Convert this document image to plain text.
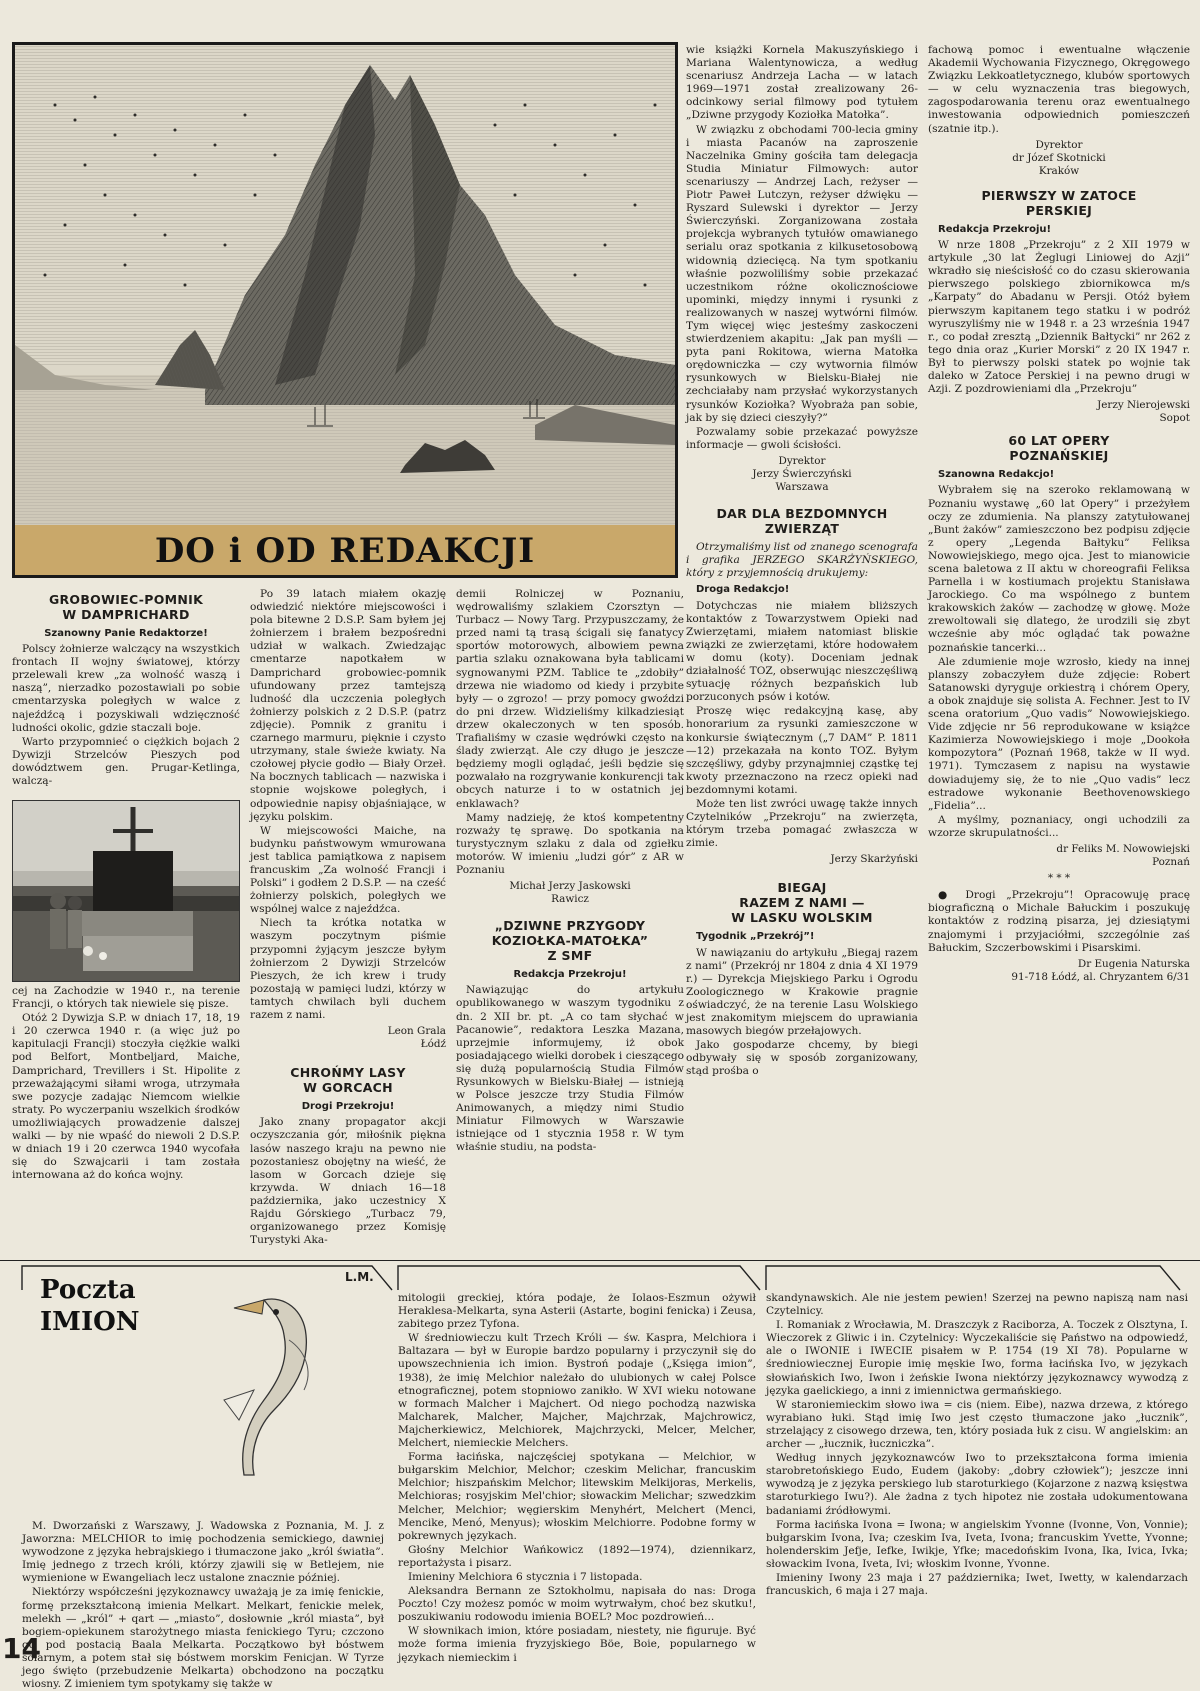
DO i OD REDAKCJI
GROBOWIEC-POMNIK
W DAMPRICHARD
Szanowny Panie Redaktorze!

Polscy żołnierze walczący na wszystkich frontach II wojny światowej, którzy przelewali krew „za wolność waszą i naszą”, nierzadko pozostawiali po sobie cmentarzyska poległych w walce z najeźdźcą i pozyskiwali wdzięczność ludności okolic, gdzie staczali boje.

Warto przypomnieć o ciężkich bojach 2 Dywizji Strzelców Pieszych pod dowództwem gen. Prugar-Ketlinga, walczą-

cej na Zachodzie w 1940 r., na terenie Francji, o których tak niewiele się pisze.

Otóż 2 Dywizja S.P. w dniach 17, 18, 19 i 20 czerwca 1940 r. (a więc już po kapitulacji Francji) stoczyła ciężkie walki pod Belfort, Montbeljard, Maiche, Damprichard, Trevillers i St. Hipolite z przeważającymi siłami wroga, utrzymała swe pozycje zadając Niemcom wielkie straty. Po wyczerpaniu wszelkich środków umożliwiających prowadzenie dalszej walki — by nie wpaść do niewoli 2 D.S.P. w dniach 19 i 20 czerwca 1940 wycofała się do Szwajcarii i tam została internowana aż do końca wojny.

Po 39 latach miałem okazję odwiedzić niektóre miejscowości i pola bitewne 2 D.S.P. Sam byłem jej żołnierzem i brałem bezpośredni udział w walkach. Zwiedzając cmentarze napotkałem w Damprichard grobowiec-pomnik ufundowany przez tamtejszą ludność dla uczczenia poległych żołnierzy polskich z 2 D.S.P. (patrz zdjęcie). Pomnik z granitu i czarnego marmuru, pięknie i czysto utrzymany, stale świeże kwiaty. Na czołowej płycie godło — Biały Orzeł. Na bocznych tablicach — nazwiska i stopnie wojskowe poległych, i odpowiednie napisy objaśniające, w języku polskim.

W miejscowości Maiche, na budynku państwowym wmurowana jest tablica pamiątkowa z napisem francuskim „Za wolność Francji i Polski” i godłem 2 D.S.P. — na cześć żołnierzy polskich, poległych we wspólnej walce z najeźdźca.

Niech ta krótka notatka w waszym poczytnym piśmie przypomni żyjącym jeszcze byłym żołnierzom 2 Dywizji Strzelców Pieszych, że ich krew i trudy pozostają w pamięci ludzi, którzy w tamtych chwilach byli duchem razem z nami.

Leon Grala
Łódź
CHROŃMY LASY
W GORCACH
Drogi Przekroju!

Jako znany propagator akcji oczyszczania gór, miłośnik piękna lasów naszego kraju na pewno nie pozostaniesz obojętny na wieść, że lasom w Gorcach dzieje się krzywda. W dniach 16—18 października, jako uczestnicy X Rajdu Górskiego „Turbacz 79, organizowanego przez Komisję Turystyki Aka-

demii Rolniczej w Poznaniu, wędrowaliśmy szlakiem Czorsztyn — Turbacz — Nowy Targ. Przypuszczamy, że przed nami tą trasą ścigali się fanatycy sportów motorowych, albowiem pewna partia szlaku oznakowana była tablicami sygnowanymi PZM. Tablice te „zdobiły” drzewa nie wiadomo od kiedy i przybite były — o zgrozo! — przy pomocy gwoździ do pni drzew. Widzieliśmy kilkadziesiąt drzew okaleczonych w ten sposób. Trafialiśmy w czasie wędrówki często na ślady zwierząt. Ale czy długo je jeszcze będziemy mogli oglądać, jeśli będzie się pozwalało na rozgrywanie konkurencji tak obcych naturze i to w ostatnich jej enklawach?

Mamy nadzieję, że ktoś kompetentny rozważy tę sprawę. Do spotkania na turystycznym szlaku z dala od zgiełku motorów. W imieniu „ludzi gór” z AR w Poznaniu

Michał Jerzy Jaskowski
Rawicz
„DZIWNE PRZYGODY
KOZIOŁKA-MATOŁKA”
Z SMF
Redakcja Przekroju!

Nawiązując do artykułu opublikowanego w waszym tygodniku z dn. 2 XII br. pt. „A co tam słychać w Pacanowie”, redaktora Leszka Mazana, uprzejmie informujemy, iż obok posiadającego wielki dorobek i cieszącego się dużą popularnością Studia Filmów Rysunkowych w Bielsku-Białej — istnieją w Polsce jeszcze trzy Studia Filmów Animowanych, a między nimi Studio Miniatur Filmowych w Warszawie istniejące od 1 stycznia 1958 r. W tym właśnie studiu, na podsta-

wie książki Kornela Makuszyńskiego i Mariana Walentynowicza, a według scenariusz Andrzeja Lacha — w latach 1969—1971 został zrealizowany 26-odcinkowy serial filmowy pod tytułem „Dziwne przygody Koziołka Matołka”.

W związku z obchodami 700-lecia gminy i miasta Pacanów na zaproszenie Naczelnika Gminy gościła tam delegacja Studia Miniatur Filmowych: autor scenariuszy — Andrzej Lach, reżyser — Piotr Paweł Lutczyn, reżyser dźwięku — Ryszard Sulewski i dyrektor — Jerzy Świerczyński. Zorganizowana została projekcja wybranych tytułów omawianego serialu oraz spotkania z kilkusetosobową widownią dziecięcą. Na tym spotkaniu właśnie pozwoliliśmy sobie przekazać uczestnikom różne okolicznościowe upominki, między innymi i rysunki z realizowanych w naszej wytwórni filmów. Tym więcej więc jesteśmy zaskoczeni stwierdzeniem akapitu: „Jak pan myśli — pyta pani Rokitowa, wierna Matołka orędowniczka — czy wytwornia filmów rysunkowych w Bielsku-Białej nie zechciałaby nam przysłać wykorzystanych rysunków Koziołka? Wyobraża pan sobie, jak by się dzieci cieszyły?”

Pozwalamy sobie przekazać powyższe informacje — gwoli ścisłości.

Dyrektor
Jerzy Świerczyński
Warszawa
DAR DLA BEZDOMNYCH
ZWIERZĄT

Otrzymaliśmy list od znanego scenografa i grafika JERZEGO SKARŻYŃSKIEGO, który z przyjemnością drukujemy:

Droga Redakcjo!

Dotychczas nie miałem bliższych kontaktów z Towarzystwem Opieki nad Zwierzętami, miałem natomiast bliskie związki ze zwierzętami, które hodowałem w domu (koty). Doceniam jednak działalność TOZ, obserwując nieszczęśliwą sytuację różnych bezpańskich lub porzuconych psów i kotów.

Proszę więc redakcyjną kasę, aby honorarium za rysunki zamieszczone w konkursie świątecznym („7 DAM” P. 1811—12) przekazała na konto TOZ. Byłym szczęśliwy, gdyby przynajmniej cząstkę tej kwoty przeznaczono na rzecz opieki nad bezdomnymi kotami.

Może ten list zwróci uwagę także innych Czytelników „Przekroju” na zwierzęta, którym trzeba pomagać zwłaszcza w zimie.

Jerzy Skarżyński
BIEGAJ
RAZEM Z NAMI —
W LASKU WOLSKIM
Tygodnik „Przekrój”!

W nawiązaniu do artykułu „Biegaj razem z nami” (Przekrój nr 1804 z dnia 4 XI 1979 r.) — Dyrekcja Miejskiego Parku i Ogrodu Zoologicznego w Krakowie pragnie oświadczyć, że na terenie Lasu Wolskiego jest znakomitym miejscem do uprawiania masowych biegów przełajowych.

Jako gospodarze chcemy, by biegi odbywały się w sposób zorganizowany, stąd prośba o

fachową pomoc i ewentualne włączenie Akademii Wychowania Fizycznego, Okręgowego Związku Lekkoatletycznego, klubów sportowych — w celu wyznaczenia tras biegowych, zagospodarowania terenu oraz ewentualnego inwestowania odpowiednich pomieszczeń (szatnie itp.).

Dyrektor
dr Józef Skotnicki
Kraków
PIERWSZY W ZATOCE
PERSKIEJ
Redakcja Przekroju!

W nrze 1808 „Przekroju” z 2 XII 1979 w artykule „30 lat Żeglugi Liniowej do Azji” wkradło się nieścisłość co do czasu skierowania pierwszego polskiego zbiornikowca m/s „Karpaty” do Abadanu w Persji. Otóż byłem pierwszym kapitanem tego statku i w podróż wyruszyliśmy nie w 1948 r. a 23 września 1947 r., co podał zresztą „Dziennik Bałtycki” nr 262 z tego dnia oraz „Kurier Morski” z 20 IX 1947 r. Był to pierwszy polski statek po wojnie tak daleko w Zatoce Perskiej i na pewno drugi w Azji. Z pozdrowieniami dla „Przekroju”

Jerzy Nierojewski
Sopot
60 LAT OPERY
POZNAŃSKIEJ
Szanowna Redakcjo!

Wybrałem się na szeroko reklamowaną w Poznaniu wystawę „60 lat Opery” i przeżyłem oczy ze zdumienia. Na planszy zatytułowanej „Bunt żaków” zamieszczono bez podpisu zdjęcie z opery „Legenda Bałtyku” Feliksa Nowowiejskiego, mego ojca. Jest to mianowicie scena baletowa z II aktu w choreografii Feliksa Parnella i w kostiumach projektu Stanisława Jarockiego. Co ma wspólnego z buntem krakowskich żaków — zachodzę w głowę. Może zrewoltowali się dlatego, że urodzili się zbyt wcześnie aby móc oglądać tak poważne poznańskie tancerki...

Ale zdumienie moje wzrosło, kiedy na innej planszy zobaczyłem duże zdjęcie: Robert Satanowski dyryguje orkiestrą i chórem Opery, a obok znajduje się solista A. Fechner. Jest to IV scena oratorium „Quo vadis” Nowowiejskiego. Vide zdjęcie nr 56 reprodukowane w książce Kazimierza Nowowiejskiego i moje „Dookoła kompozytora” (Poznań 1968, także w II wyd. 1971). Tymczasem z napisu na wystawie dowiadujemy się, że to nie „Quo vadis” lecz estradowe wykonanie Beethovenowskiego „Fidelia”...

A myślmy, poznaniacy, ongi uchodzili za wzorze skrupulatności...

dr Feliks M. Nowowiejski
Poznań
* * *

● Drogi „Przekroju”! Opracowuję pracę biograficzną o Michale Bałuckim i poszukuję kontaktów z rodziną pisarza, jej dziesiątymi znajomymi i przyjaciółmi, szczególnie zaś Bałuckim, Szczerbowskimi i Pisarskimi.

Dr Eugenia Naturska
91-718 Łódź, al. Chryzantem 6/31
Poczta
IMION
L.M.

M. Dworzański z Warszawy, J. Wadowska z Poznania, M. J. z Jaworzna: MELCHIOR to imię pochodzenia semickiego, dawniej wywodzone z języka hebrajskiego i tłumaczone jako „król światła”. Imię jednego z trzech króli, którzy zjawili się w Betlejem, nie wymienione w Ewangeliach lecz ustalone znacznie później.

Niektórzy współcześni językoznawcy uważają je za imię fenickie, formę przekształconą imienia Melkart. Melkart, fenickie melek, melekh — „król” + qart — „miasto”, dosłownie „król miasta”, był bogiem-opiekunem starożytnego miasta fenickiego Tyru; czczono go pod postacią Baala Melkarta. Początkowo był bóstwem solarnym, a potem stał się bóstwem morskim Fenicjan. W Tyrze jego święto (przebudzenie Melkarta) obchodzono na początku wiosny. Z imieniem tym spotykamy się także w

mitologii greckiej, która podaje, że Iolaos-Eszmun ożywił Heraklesa-Melkarta, syna Asterii (Astarte, bogini fenicka) i Zeusa, zabitego przez Tyfona.

W średniowieczu kult Trzech Króli — św. Kaspra, Melchiora i Baltazara — był w Europie bardzo popularny i przyczynił się do upowszechnienia ich imion. Bystroń podaje („Księga imion”, 1938), że imię Melchior należało do ulubionych w całej Polsce etnograficznej, potem stopniowo zanikło. W XVI wieku notowane w formach Malcher i Majchert. Od niego pochodzą nazwiska Malcharek, Malcher, Majcher, Majchrzak, Majchrowicz, Majcherkiewicz, Melchiorek, Majchrzycki, Melcer, Melcher, Melchert, niemieckie Melchers.

Forma łacińska, najczęściej spotykana — Melchior, w bułgarskim Melchior, Melchor; czeskim Melichar, francuskim Melchior; hiszpańskim Melchor; litewskim Melkijoras, Merkelis, Melchioras; rosyjskim Mel'chior; słowackim Melichar; szwedzkim Melcher, Melchior; węgierskim Menyhért, Melchert (Menci, Mencike, Menó, Menyus); włoskim Melchiorre. Podobne formy w pokrewnych językach.

Głośny Melchior Wańkowicz (1892—1974), dziennikarz, reportażysta i pisarz.

Imieniny Melchiora 6 stycznia i 7 listopada.

Aleksandra Bernann ze Sztokholmu, napisała do nas: Droga Poczto! Czy możesz pomóc w moim wytrwałym, choć bez skutku!, poszukiwaniu rodowodu imienia BOEL? Moc pozdrowień...

W słownikach imion, które posiadam, niestety, nie figuruje. Być może forma imienia fryzyjskiego Böe, Boie, popularnego w językach niemieckim i

skandynawskich. Ale nie jestem pewien! Szerzej na pewno napiszą nam nasi Czytelnicy.

I. Romaniak z Wrocławia, M. Draszczyk z Raciborza, A. Toczek z Olsztyna, I. Wieczorek z Gliwic i in. Czytelnicy: Wyczekaliście się Państwo na odpowiedź, ale o IWONIE i IWECIE pisałem w P. 1754 (19 XI 78). Popularne w średniowiecznej Europie imię męskie Iwo, forma łacińska Ivo, w językach słowiańskich Iwo, Iwon i żeńskie Iwona niektórzy językoznawcy wywodzą z języka gaelickiego, a inni z imiennictwa germańskiego.

W staroniemieckim słowo iwa = cis (niem. Eibe), nazwa drzewa, z którego wyrabiano łuki. Stąd imię Iwo jest często tłumaczone jako „łucznik”, strzelający z cisowego drzewa, ten, który posiada łuk z cisu. W angielskim: an archer — „łucznik, łuczniczka”.

Według innych językoznawców Iwo to przekształcona forma imienia starobretońskiego Eudo, Eudem (jakoby: „dobry człowiek”); jeszcze inni wywodzą je z języka perskiego lub staroturkiego (Kojarzone z nazwą księstwa staroturkiego Iwu?). Ale żadna z tych hipotez nie została udokumentowana badaniami źródłowymi.

Forma łacińska Ivona = Iwona; w angielskim Yvonne (Ivonne, Von, Vonnie); bułgarskim Ivona, Iva; czeskim Iva, Iveta, Ivona; francuskim Yvette, Yvonne; holenderskim Jefje, Iefke, Iwikje, Yfke; macedońskim Ivona, Ika, Ivica, Ivka; słowackim Ivona, Iveta, Ivi; włoskim Ivonne, Yvonne.

Imieniny Iwony 23 maja i 27 października; Iwet, Iwetty, w kalendarzach francuskich, 6 maja i 27 maja.

14
